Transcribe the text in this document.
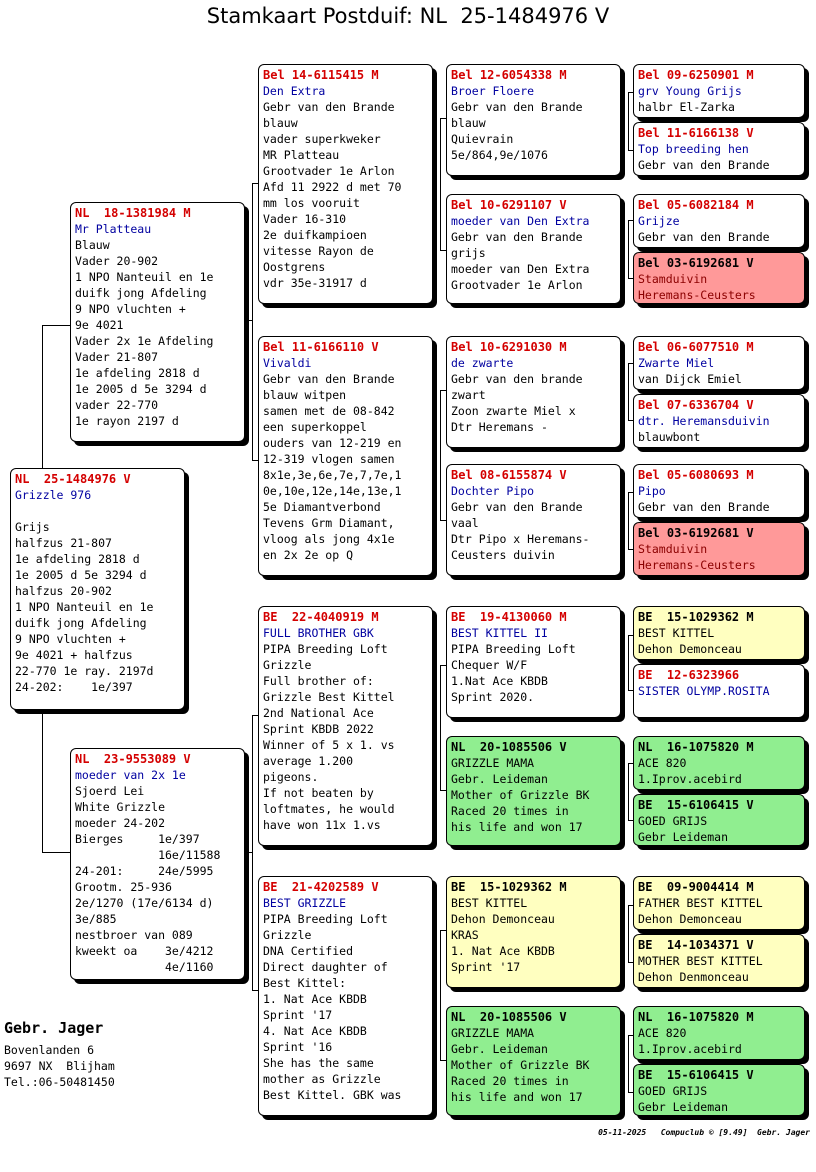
Stamkaart Postduif: NL  25-1484976 V
NL  25-1484976 V
Grizzle 976

Grijs
halfzus 21-807
1e afdeling 2818 d
1e 2005 d 5e 3294 d
halfzus 20-902
1 NPO Nanteuil en 1e
duifk jong Afdeling
9 NPO vluchten +
9e 4021 + halfzus
22-770 1e ray. 2197d
24-202:    1e/397
NL  18-1381984 M
Mr Platteau
Blauw
Vader 20-902
1 NPO Nanteuil en 1e
duifk jong Afdeling
9 NPO vluchten +
9e 4021
Vader 2x 1e Afdeling
Vader 21-807
1e afdeling 2818 d
1e 2005 d 5e 3294 d
vader 22-770
1e rayon 2197 d
NL  23-9553089 V
moeder van 2x 1e
Sjoerd Lei
White Grizzle
moeder 24-202
Bierges     1e/397
16e/11588
24-201:     24e/5995
Grootm. 25-936
2e/1270 (17e/6134 d)
3e/885
nestbroer van 089
kweekt oa    3e/4212
4e/1160
Bel 14-6115415 M
Den Extra
Gebr van den Brande
blauw
vader superkweker
MR Platteau
Grootvader 1e Arlon
Afd 11 2922 d met 70
mm los vooruit
Vader 16-310
2e duifkampioen
vitesse Rayon de
Oostgrens
vdr 35e-31917 d
Bel 11-6166110 V
Vivaldi
Gebr van den Brande
blauw witpen
samen met de 08-842
een superkoppel
ouders van 12-219 en
12-319 vlogen samen
8x1e,3e,6e,7e,7,7e,1
0e,10e,12e,14e,13e,1
5e Diamantverbond
Tevens Grm Diamant,
vloog als jong 4x1e
en 2x 2e op Q
BE  22-4040919 M
FULL BROTHER GBK
PIPA Breeding Loft
Grizzle
Full brother of:
Grizzle Best Kittel
2nd National Ace
Sprint KBDB 2022
Winner of 5 x 1. vs
average 1.200
pigeons.
If not beaten by
loftmates, he would
have won 11x 1.vs
BE  21-4202589 V
BEST GRIZZLE
PIPA Breeding Loft
Grizzle
DNA Certified
Direct daughter of
Best Kittel:
1. Nat Ace KBDB
Sprint '17
4. Nat Ace KBDB
Sprint '16
She has the same
mother as Grizzle
Best Kittel. GBK was
Bel 12-6054338 M
Broer Floere
Gebr van den Brande
blauw
Quievrain
5e/864,9e/1076
Bel 10-6291107 V
moeder van Den Extra
Gebr van den Brande
grijs
moeder van Den Extra
Grootvader 1e Arlon
Bel 10-6291030 M
de zwarte
Gebr van den brande
zwart
Zoon zwarte Miel x
Dtr Heremans -
Bel 08-6155874 V
Dochter Pipo
Gebr van den Brande
vaal
Dtr Pipo x Heremans-
Ceusters duivin
BE  19-4130060 M
BEST KITTEL II
PIPA Breeding Loft
Chequer W/F
1.Nat Ace KBDB
Sprint 2020.
NL  20-1085506 V
GRIZZLE MAMA
Gebr. Leideman
Mother of Grizzle BK
Raced 20 times in
his life and won 17
BE  15-1029362 M
BEST KITTEL
Dehon Demonceau
KRAS
1. Nat Ace KBDB
Sprint '17
NL  20-1085506 V
GRIZZLE MAMA
Gebr. Leideman
Mother of Grizzle BK
Raced 20 times in
his life and won 17
Bel 09-6250901 M
grv Young Grijs
halbr El-Zarka
Bel 11-6166138 V
Top breeding hen
Gebr van den Brande
Bel 05-6082184 M
Grijze
Gebr van den Brande
Bel 03-6192681 V
Stamduivin
Heremans-Ceusters
Bel 06-6077510 M
Zwarte Miel
van Dijck Emiel
Bel 07-6336704 V
dtr. Heremansduivin
blauwbont
Bel 05-6080693 M
Pipo
Gebr van den Brande
Bel 03-6192681 V
Stamduivin
Heremans-Ceusters
BE  15-1029362 M
BEST KITTEL
Dehon Demonceau
BE  12-6323966
SISTER OLYMP.ROSITA
NL  16-1075820 M
ACE 820
1.Iprov.acebird
BE  15-6106415 V
GOED GRIJS
Gebr Leideman
BE  09-9004414 M
FATHER BEST KITTEL
Dehon Demonceau
BE  14-1034371 V
MOTHER BEST KITTEL
Dehon Denmonceau
NL  16-1075820 M
ACE 820
1.Iprov.acebird
BE  15-6106415 V
GOED GRIJS
Gebr Leideman
Gebr. Jager
Bovenlanden 6
9697 NX  Blijham
Tel.:06-50481450
05-11-2025   Compuclub © [9.49]  Gebr. Jager
